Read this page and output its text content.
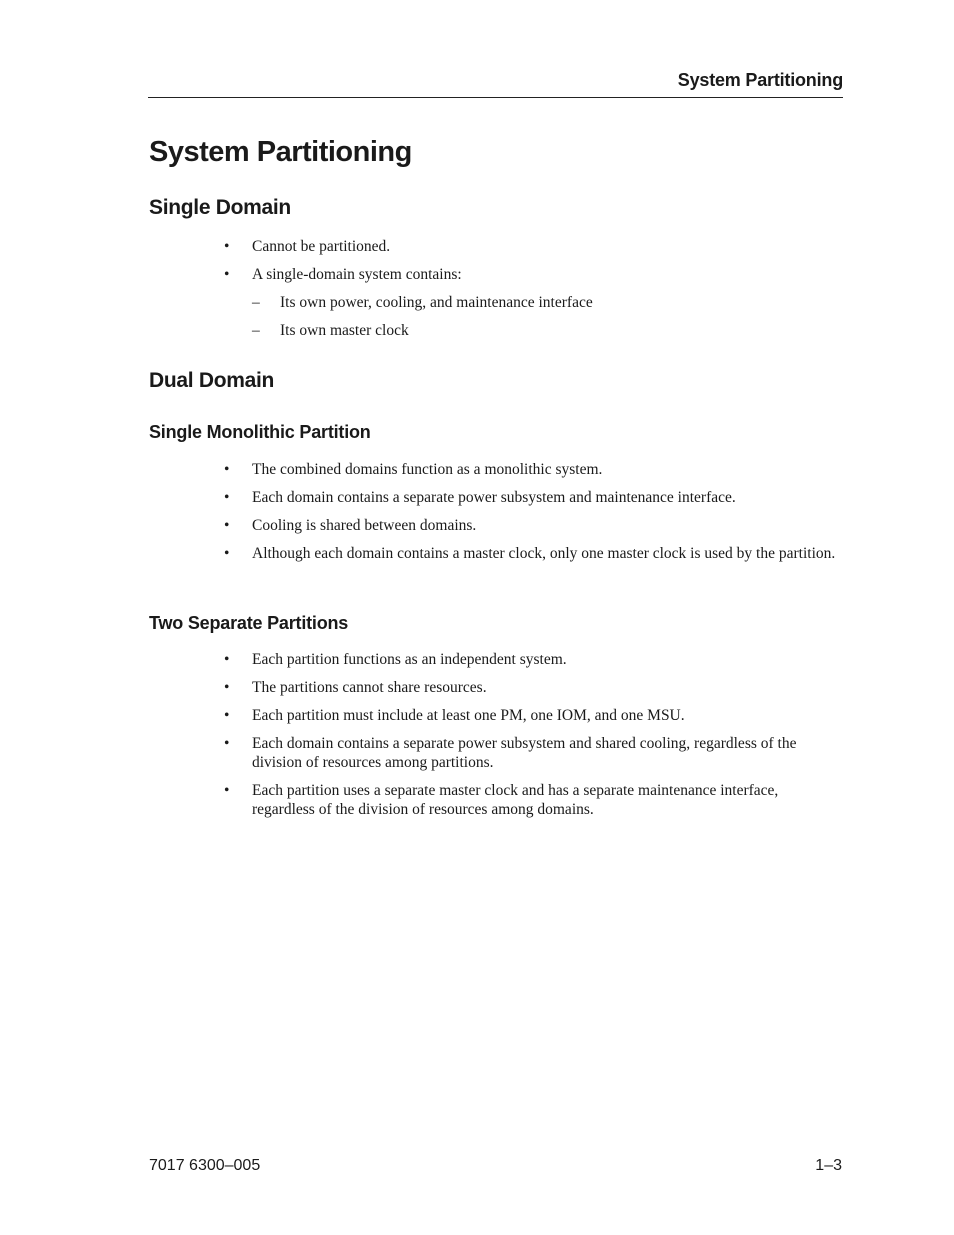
System Partitioning
System Partitioning
Single Domain
• Cannot be partitioned.
• A single-domain system contains:
– Its own power, cooling, and maintenance interface
– Its own master clock
Dual Domain
Single Monolithic Partition
• The combined domains function as a monolithic system.
• Each domain contains a separate power subsystem and maintenance interface.
• Cooling is shared between domains.
• Although each domain contains a master clock, only one master clock is used by the partition.
Two Separate Partitions
• Each partition functions as an independent system.
• The partitions cannot share resources.
• Each partition must include at least one PM, one IOM, and one MSU.
• Each domain contains a separate power subsystem and shared cooling, regardless of the division of resources among partitions.
• Each partition uses a separate master clock and has a separate maintenance interface, regardless of the division of resources among domains.
7017 6300–005	1–3
